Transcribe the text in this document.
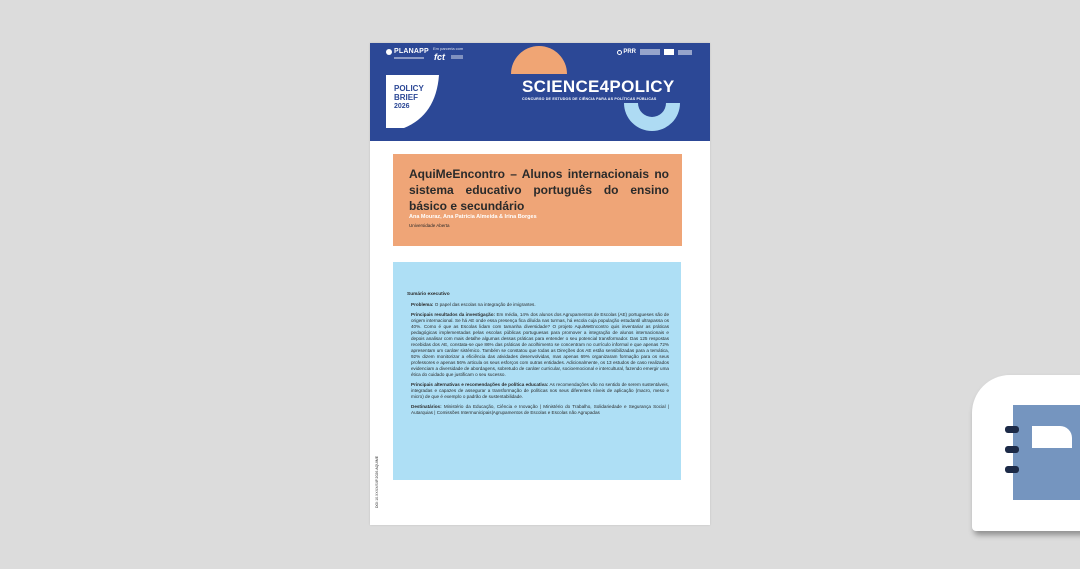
PLANAPP Em parceria com
fct	PRR
POLICY
BRIEF
2026
SCIENCE4POLICY
CONCURSO DE ESTUDOS DE CIÊNCIA PARA AS POLÍTICAS PÚBLICAS
AquiMeEncontro – Alunos internacionais no sistema educativo português do ensino básico e secundário
Ana Mouraz, Ana Patrícia Almeida & Irina Borges
Universidade Aberta

Sumário executivo

Problema: O papel das escolas na integração de imigrantes.

Principais resultados da investigação: Em média, 14% dos alunos dos Agrupamentos de Escolas (AE) portugueses são de origem internacional. Se há AE onde essa presença fica diluída nas turmas, há escola cuja população estudantil ultrapassa os 40%. Como é que as Escolas lidam com tamanha diversidade? O projeto AquiMeEncontro quis inventariar as práticas pedagógicas implementadas pelas escolas públicas portuguesas para promover a integração de alunos internacionais e depois analisar com mais detalhe algumas dessas práticas para entender o seu potencial transformador. Das 125 respostas recebidas dos AE, constata-se que 86% das práticas de acolhimento se concentram no currículo informal e que apenas 72% apresentam um caráter sistémico. Também se constatou que todas as Direções dos AE estão sensibilizadas para a temática, 92% dizem monitorizar a eficiência das atividades desenvolvidas, mas apenas 69% organizaram formação para os seus professores e apenas 56% articula os seus esforços com outras entidades. Adicionalmente, os 13 estudos de caso realizados evidenciam a diversidade de abordagens, sobretudo de caráter curricular, socioemocional e intercultural, fazendo emergir uma ética do cuidado que justificam o seu sucesso.

Principais alternativas e recomendações de política educativa: As recomendações vão no sentido de serem sustentáveis, integradas e capazes de assegurar a transformação de políticas nos seus diferentes níveis de aplicação (macro, meso e micro) de que é exemplo o padrão de sustentabilidade.

Destinatários: Ministério da Educação, Ciência e Inovação | Ministério do Trabalho, Solidariedade e Segurança Social | Autarquias | Comissões Intermunicipais|Agrupamentos de Escolas e Escolas não Agrupadas

DOI:10.XXXX/S4P.2026.AQUIME
